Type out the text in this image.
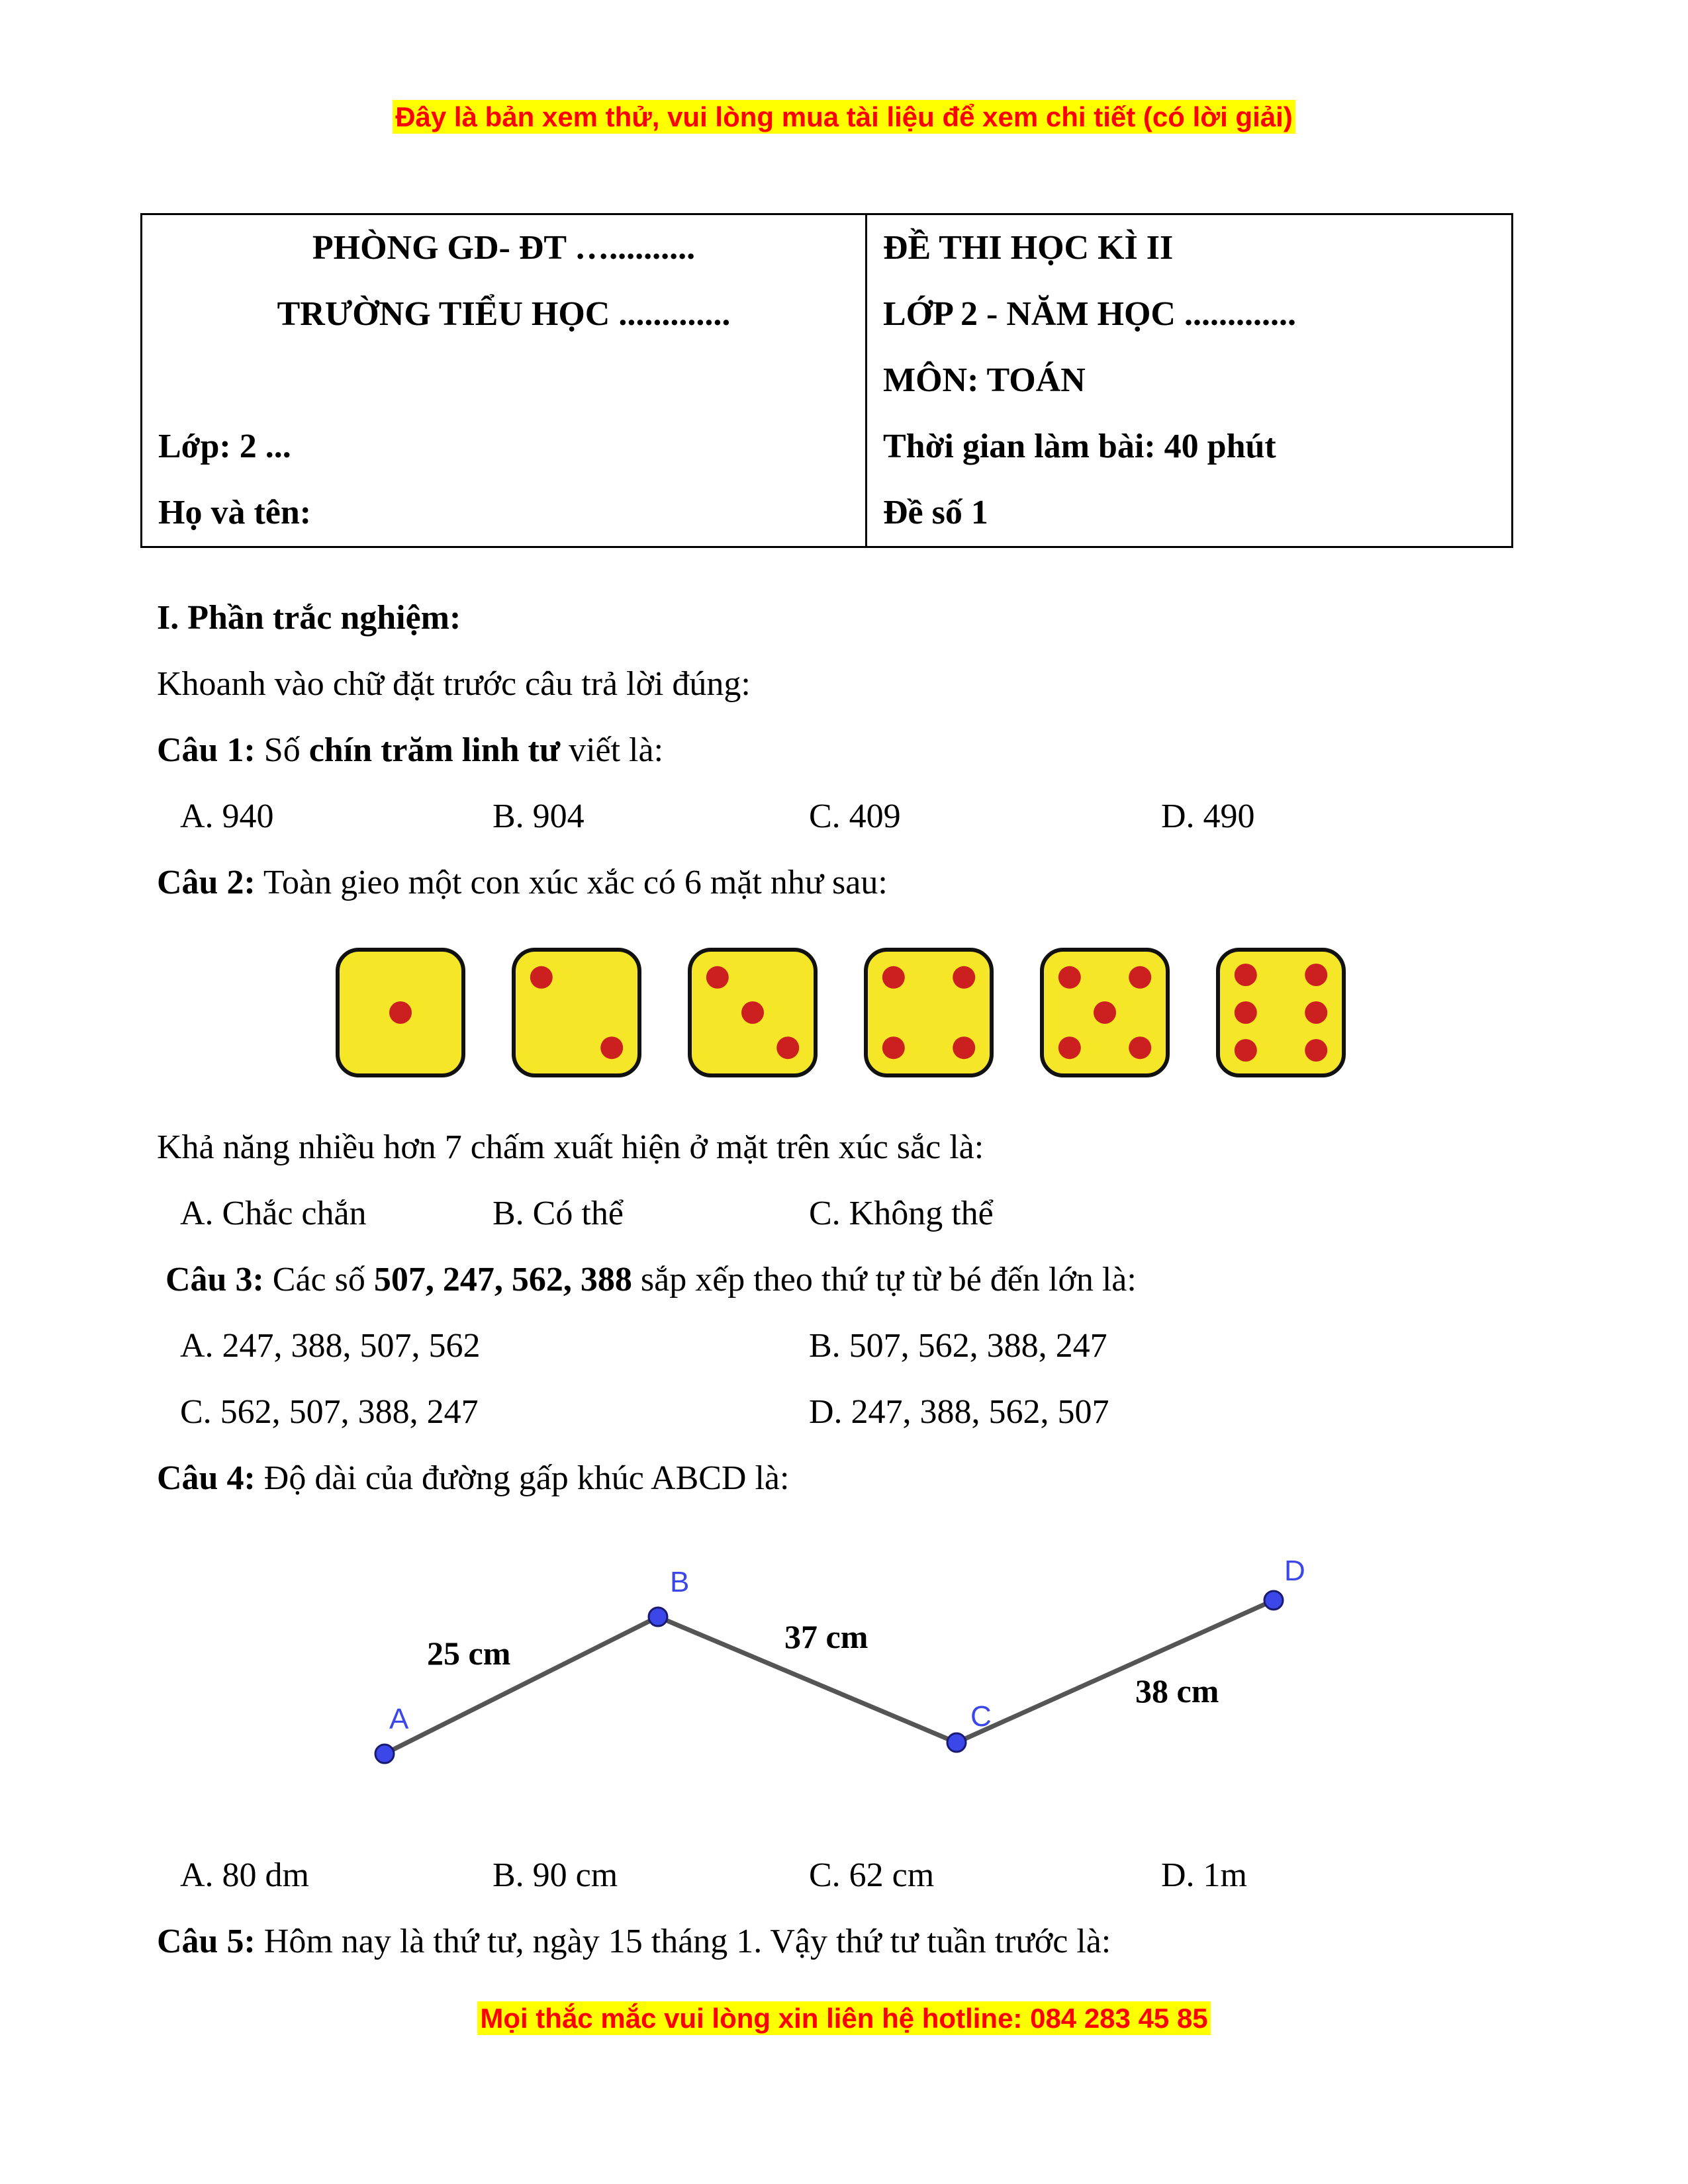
Đây là bản xem thử, vui lòng mua tài liệu để xem chi tiết (có lời giải)
PHÒNG GD- ĐT …..........
TRƯỜNG TIỂU HỌC .............
Lớp: 2 ...
Họ và tên:

ĐỀ THI HỌC KÌ II
LỚP 2 - NĂM HỌC .............
MÔN: TOÁN
Thời gian làm bài: 40 phút
Đề số 1
I. Phần trắc nghiệm:
Khoanh vào chữ đặt trước câu trả lời đúng:
Câu 1: Số chín trăm linh tư viết là:
A. 940	B. 904	C. 409	D. 490
Câu 2: Toàn gieo một con xúc xắc có 6 mặt như sau:
Khả năng nhiều hơn 7 chấm xuất hiện ở mặt trên xúc sắc là:
A. Chắc chắn	B. Có thể	C. Không thể
Câu 3: Các số 507, 247, 562, 388 sắp xếp theo thứ tự từ bé đến lớn là:
A. 247, 388, 507, 562	B. 507, 562, 388, 247
C. 562, 507, 388, 247	D. 247, 388, 562, 507
Câu 4: Độ dài của đường gấp khúc ABCD là:
A
B
C
D
25 cm	37 cm
38 cm
A. 80 dm	B. 90 cm	C. 62 cm	D. 1m
Câu 5: Hôm nay là thứ tư, ngày 15 tháng 1. Vậy thứ tư tuần trước là:
Mọi thắc mắc vui lòng xin liên hệ hotline: 084 283 45 85
